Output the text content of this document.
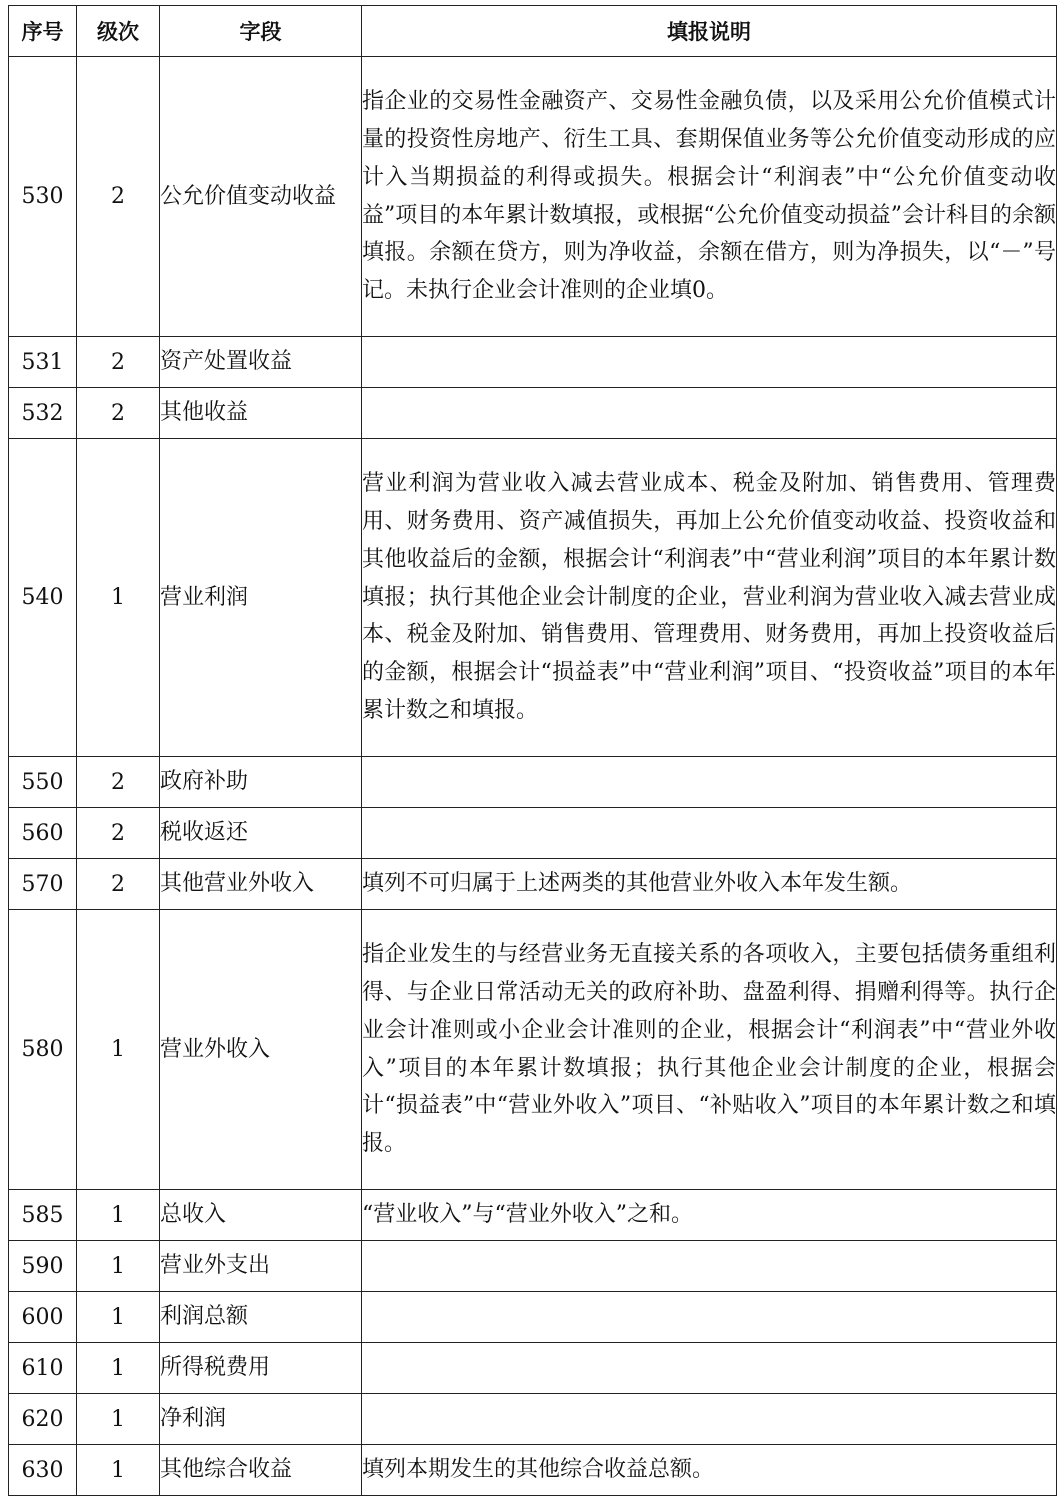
序号	级次	字段	填报说明
530	2	公允价值变动收益	指企业的交易性金融资产、交易性金融负债，以及采用公允价值模式计量的投资性房地产、衍生工具、套期保值业务等公允价值变动形成的应计入当期损益的利得或损失。根据会计“利润表”中“公允价值变动收益”项目的本年累计数填报，或根据“公允价值变动损益”会计科目的余额填报。余额在贷方，则为净收益，余额在借方，则为净损失，以“－”号记。未执行企业会计准则的企业填0。
531	2	资产处置收益	
532	2	其他收益	
540	1	营业利润	营业利润为营业收入减去营业成本、税金及附加、销售费用、管理费用、财务费用、资产减值损失，再加上公允价值变动收益、投资收益和其他收益后的金额，根据会计“利润表”中“营业利润”项目的本年累计数填报；执行其他企业会计制度的企业，营业利润为营业收入减去营业成本、税金及附加、销售费用、管理费用、财务费用，再加上投资收益后的金额，根据会计“损益表”中“营业利润”项目、“投资收益”项目的本年累计数之和填报。
550	2	政府补助	
560	2	税收返还	
570	2	其他营业外收入	填列不可归属于上述两类的其他营业外收入本年发生额。
580	1	营业外收入	指企业发生的与经营业务无直接关系的各项收入，主要包括债务重组利得、与企业日常活动无关的政府补助、盘盈利得、捐赠利得等。执行企业会计准则或小企业会计准则的企业，根据会计“利润表”中“营业外收入”项目的本年累计数填报；执行其他企业会计制度的企业，根据会计“损益表”中“营业外收入”项目、“补贴收入”项目的本年累计数之和填报。
585	1	总收入	“营业收入”与“营业外收入”之和。
590	1	营业外支出	
600	1	利润总额	
610	1	所得税费用	
620	1	净利润	
630	1	其他综合收益	填列本期发生的其他综合收益总额。
